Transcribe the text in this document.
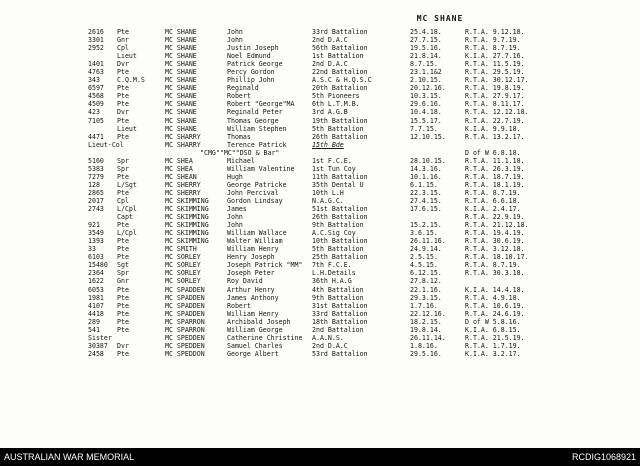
MC SHANE
2616	Pte	MC SHANE	John	33rd Battalion	25.4.18.	R.T.A. 9.12.18.
3301	Gnr	MC SHANE	John	2nd D.A.C	27.7.15.	R.T.A. 9.7.19.
2952	Cpl	MC SHANE	Justin Joseph	56th Battalion	19.5.16.	R.T.A. 8.7.19.
Lieut	MC SHANE	Noel Edmund	1st Battalion	21.8.14.	K.I.A. 27.7.16.
1401	Dvr	MC SHANE	Patrick George	2nd D.A.C	8.7.15.	R.T.A. 11.5.19.
4763	Pte	MC SHANE	Percy Gordon	22nd Battalion	23.1.1&2	R.T.A. 29.5.19.
343	C.Q.M.S	MC SHANE	Phillip John	A.S.C & H.Q.S.C	2.10.15.	R.T.A. 30.12.17.
6597	Pte	MC SHANE	Reginald	20th Battalion	20.12.16.	R.T.A. 19.8.19.
4568	Pte	MC SHANE	Robert	5th Pioneers	10.3.15.	R.T.A. 27.9.17.
4509	Pte	MC SHANE	Robert "George"MA	6th L.T.M.B.	29.6.16.	R.T.A. 8.11.17.
423	Dvr	MC SHANE	Reginald Peter	3rd A.G.B	10.4.18.	R.T.A. 12.12.18.
7105	Pte	MC SHANE	Thomas George	19th Battalion	15.5.17.	R.T.A. 22.7.19.
Lieut	MC SHANE	William Stephen	5th Battalion	7.7.15.	K.I.A. 9.9.18.
4471	Pte	MC SHARRY	Thomas	26th Battalion	12.10.15.	R.T.A. 13.2.17.
Lieut-Col	MC SHARRY	Terence Patrick	15th Bde
"CMG""MC""DSO & Bar"	D of W 6.8.18.
5160	Spr	MC SHEA	Michael	1st F.C.E.	28.10.15.	R.T.A. 11.1.18.
5383	Spr	MC SHEA	William Valentine	1st Tun Coy	14.3.16.	R.T.A. 26.3.19.
7279	Pte	MC SHEAN	Hugh	11th Battalion	10.1.16.	R.T.A. 18.7.19.
128	L/Sgt	MC SHERRY	George Patricke	35th Dental U	6.1.15.	R.T.A. 18.1.19.
2865	Pte	MC SHERRY	John Percival	10th L.H	22.3.15.	R.T.A. 8.7.19.
2017	Cpl	MC SKIMMING	Gordon Lindsay	N.A.G.C.	27.4.15.	R.T.A. 6.6.18.
2743	L/Cpl	MC SKIMMING	James	51st Battalion	17.6.15.	K.I.A. 2.4.17.
Capt	MC SKIMMING	John	26th Battalion	R.T.A. 22.9.19.
921	Pte	MC SKIMMING	John	9th Battalion	15.2.15.	R.T.A. 21.12.18.
3549	L/Cpl	MC SKIMMING	William Wallace	A.C.Sig Coy	3.6.15.	R.T.A. 19.4.19.
1393	Pte	MC SKIMMING	Walter William	10th Battalion	26.11.16.	R.T.A. 30.6.19.
33	Pte	MC SMITH	William Henry	5th Battalion	24.9.14.	R.T.A. 3.12.18.
6103	Pte	MC SORLEY	Henry Joseph	25th Battalion	2.5.15.	R.T.A. 18.10.17.
15480	Sgt	MC SORLEY	Joseph Patrick "MM"	7th F.C.E.	4.5.15.	R.T.A. 8.7.19.
2364	Spr	MC SORLEY	Joseph Peter	L.H.Details	6.12.15.	R.T.A. 30.3.18.
1622	Gnr	MC SORLEY	Roy David	36th H.A.G	27.8.12.
6053	Pte	MC SPADDEN	Arthur Henry	4th Battalion	22.1.16.	K.I.A. 14.4.18.
1981	Pte	MC SPADDEN	James Anthony	9th Battalion	29.3.15.	R.T.A. 4.9.18.
4107	Pte	MC SPADDEN	Robert	31st Battalion	1.7.16.	R.T.A. 10.6.19.
4418	Pte	MC SPADDEN	William Henry	33rd Battalion	22.12.16.	R.T.A. 24.6.19.
289	Pte	MC SPARRON	Archibald Joseph	18th Battalion	18.2.15.	D of W 5.8.16.
541	Pte	MC SPARRON	William George	2nd Battalion	19.8.14.	K.I.A. 6.8.15.
Sister	MC SPEDDEN	Catherine Christine	A.A.N.S.	26.11.14.	R.T.A. 21.5.19.
30387	Dvr	MC SPEDDEN	Samuel Charles	2nd D.A.C	1.8.16.	R.T.A. 1.7.19.
2458	Pte	MC SPEDDON	George Albert	53rd Battalion	29.5.16.	K.I.A. 3.2.17.
AUSTRALIAN WAR MEMORIAL	RCDIG1068921
